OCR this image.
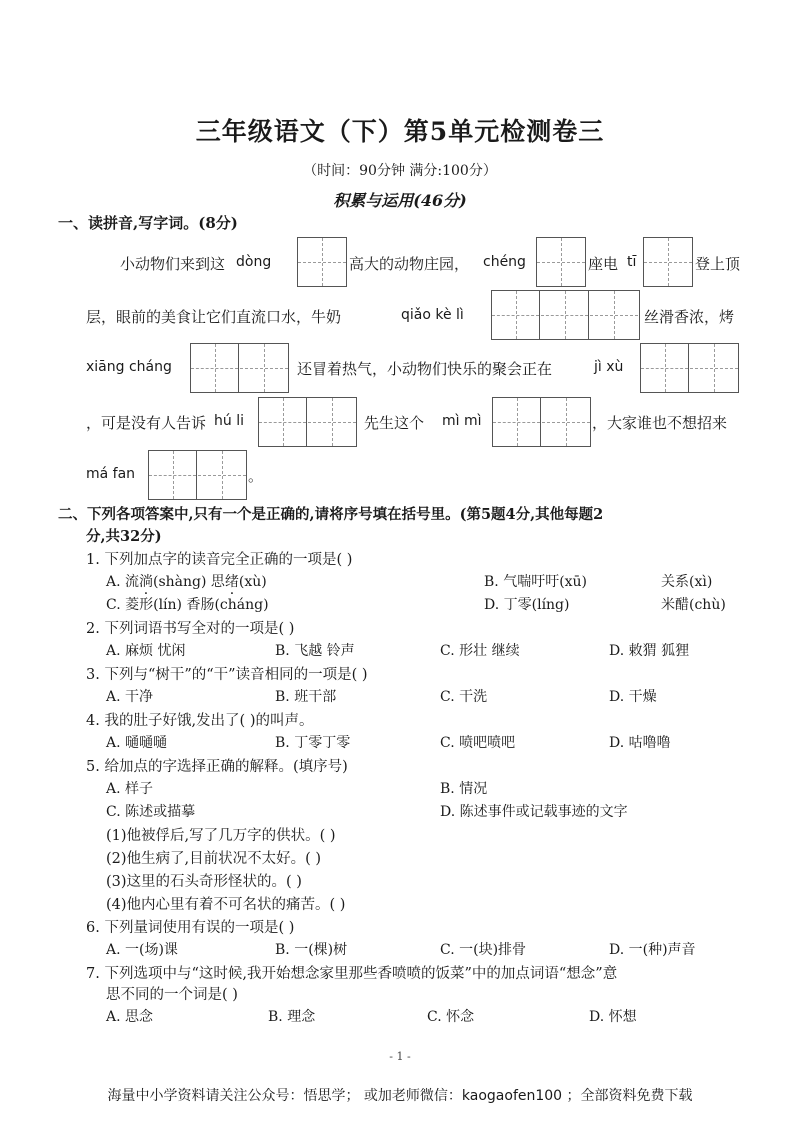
三年级语文（下）第5单元检测卷三
（时间：90分钟 满分:100分）
积累与运用(46分)
一、读拼音,写字词。(8分)
小动物们来到这 dòng	高大的动物庄园， chéng	座电 tī	登上顶
层，眼前的美食让它们直流口水，牛奶	qiǎo kè lì	丝滑香浓，烤
xiāng cháng	还冒着热气，小动物们快乐的聚会正在	jì xù
，可是没有人告诉 hú li	先生这个 mì mì	，大家谁也不想招来
má fan	。
二、下列各项答案中,只有一个是正确的,请将序号填在括号里。(第5题4分,其他每题2
分,共32分)
1. 下列加点字的读音完全正确的一项是( )
A. 流淌(shàng) 思绪(xù)	B. 气喘吁吁(xū)	关系(xì)
C. 菱形(lín) 香肠(cháng)	D. 丁零(líng)	米醋(chù)
2. 下列词语书写全对的一项是( )
A. 麻烦 忧闲	B. 飞越 铃声	C. 形壮 继续	D. 敕猬 狐狸
3. 下列与“树干”的“干”读音相同的一项是( )
A. 干净	B. 班干部	C. 干洗	D. 干燥
4. 我的肚子好饿,发出了( )的叫声。
A. 嗵嗵嗵	B. 丁零丁零	C. 喷吧喷吧	D. 咕噜噜
5. 给加点的字选择正确的解释。(填序号)
A. 样子	B. 情况
C. 陈述或描摹	D. 陈述事件或记载事迹的文字
(1)他被俘后,写了几万字的供状。( )
(2)他生病了,目前状况不太好。( )
(3)这里的石头奇形怪状的。( )
(4)他内心里有着不可名状的痛苦。( )
6. 下列量词使用有误的一项是( )
A. 一(场)课	B. 一(棵)树	C. 一(块)排骨	D. 一(种)声音
7. 下列选项中与“这时候,我开始想念家里那些香喷喷的饭菜”中的加点词语“想念”意
思不同的一个词是( )
A. 思念	B. 理念	C. 怀念	D. 怀想
- 1 -
海量中小学资料请关注公众号：悟思学； 或加老师微信：kaogaofen100 ；全部资料免费下载
